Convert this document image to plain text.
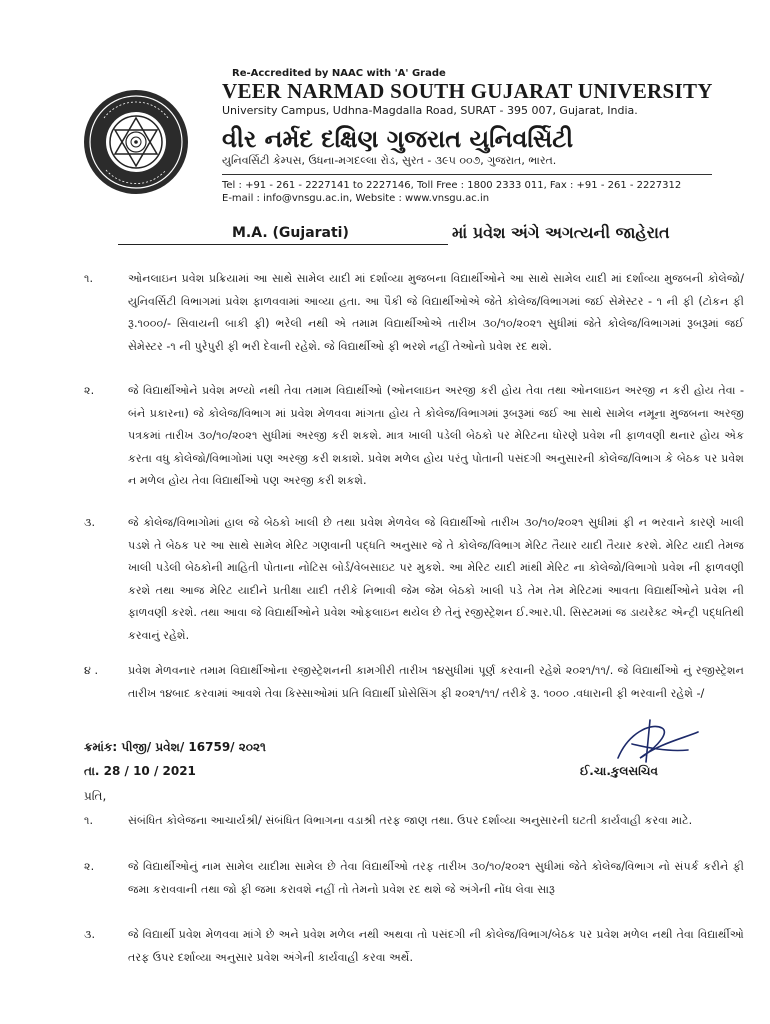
Re-Accredited by NAAC with 'A' Grade
VEER NARMAD SOUTH GUJARAT UNIVERSITY
University Campus, Udhna-Magdalla Road, SURAT - 395 007, Gujarat, India.
વીર નર્મદ દક્ષિણ ગુજરાત યુનિવર્સિટી
યુનિવર્સિટી કેમ્પસ, ઉધના-મગદલ્લા રોડ, સુરત - ૩૯૫ ૦૦૭, ગુજરાત, ભારત.
Tel : +91 - 261 - 2227141 to 2227146, Toll Free : 1800 2333 011, Fax : +91 - 261 - 2227312
E-mail : info@vnsgu.ac.in, Website : www.vnsgu.ac.in
M.A. (Gujarati)	માં પ્રવેશ અંગે અગત્યની જાહેરાત
૧.	ઓનલાઇન પ્રવેશ પ્રક્રિયામાં આ સાથે સામેલ યાદી માં દર્શાવ્યા મુજબના વિદ્યાર્થીઓને આ સાથે સામેલ યાદી માં દર્શાવ્યા મુજબની કોલેજો/યુનિવર્સિટી વિભાગમાં પ્રવેશ ફાળવવામાં આવ્યા હતા. આ પૈકી જે વિદ્યાર્થીઓએ જેતે કોલેજ/વિભાગમાં જઈ સેમેસ્ટર - ૧ ની ફી (ટોકન ફી રૂ.૧૦૦૦/- સિવાયની બાકી ફી) ભરેલી નથી એ તમામ વિદ્યાર્થીઓએ તારીખ ૩૦/૧૦/૨૦૨૧ સુધીમાં જેતે કોલેજ/વિભાગમાં રૂબરૂમાં જઈ સેમેસ્ટર -૧ ની પુરેપુરી ફી ભરી દેવાની રહેશે. જે વિદ્યાર્થીઓ ફી ભરશે નહીં તેઓનો પ્રવેશ રદ થશે.
૨.	જે વિદ્યાર્થીઓને પ્રવેશ મળ્યો નથી તેવા તમામ વિદ્યાર્થીઓ (ઓનલાઇન અરજી કરી હોય તેવા તથા ઓનલાઇન અરજી ન કરી હોય તેવા - બંને પ્રકારના) જે કોલેજ/વિભાગ માં પ્રવેશ મેળવવા માંગતા હોય તે કોલેજ/વિભાગમાં રૂબરૂમાં જઈ આ સાથે સામેલ નમૂના મુજબના અરજી પત્રકમાં તારીખ ૩૦/૧૦/૨૦૨૧ સુધીમાં અરજી કરી શકશે. માત્ર ખાલી પડેલી બેઠકો પર મેરિટના ધોરણે પ્રવેશ ની ફાળવણી થનાર હોય એક કરતા વધુ કોલેજો/વિભાગોમાં પણ અરજી કરી શકાશે. પ્રવેશ મળેલ હોય પરંતુ પોતાની પસંદગી અનુસારની કોલેજ/વિભાગ કે બેઠક પર પ્રવેશ ન મળેલ હોય તેવા વિદ્યાર્થીઓ પણ અરજી કરી શકશે.
૩.	જે કોલેજ/વિભાગોમાં હાલ જે બેઠકો ખાલી છે તથા પ્રવેશ મેળવેલ જે વિદ્યાર્થીઓ તારીખ ૩૦/૧૦/૨૦૨૧ સુધીમાં ફી ન ભરવાને કારણે ખાલી પડશે તે બેઠક પર આ સાથે સામેલ મેરિટ ગણવાની પદ્ધતિ અનુસાર જે તે કોલેજ/વિભાગ મેરિટ તૈયાર યાદી તૈયાર કરશે. મેરિટ યાદી તેમજ ખાલી પડેલી બેઠકોની માહિતી પોતાના નોટિસ બોર્ડ/વેબસાઇટ પર મુકશે. આ મેરિટ યાદી માંથી મેરિટ ના કોલેજો/વિભાગો પ્રવેશ ની ફાળવણી કરશે તથા આજ મેરિટ યાદીને પ્રતીક્ષા યાદી તરીકે નિભાવી જેમ જેમ બેઠકો ખાલી પડે તેમ તેમ મેરિટમાં આવતા વિદ્યાર્થીઓને પ્રવેશ ની ફાળવણી કરશે. તથા આવા જે વિદ્યાર્થીઓને પ્રવેશ ઓફલાઇન થયેલ છે તેનું રજીસ્ટ્રેશન ઈ.આર.પી. સિસ્ટમમાં જ ડાયરેક્ટ એન્ટ્રી પદ્ધતિથી કરવાનું રહેશે.
૪ .	પ્રવેશ મેળવનાર તમામ વિદ્યાર્થીઓના રજીસ્ટ્રેશનની કામગીરી તારીખ ૧૪સુધીમાં પૂર્ણ કરવાની રહેશે ૨૦૨૧/૧૧/. જે વિદ્યાર્થીઓ નું રજીસ્ટ્રેશન તારીખ ૧૪બાદ કરવામાં આવશે તેવા કિસ્સાઓમાં પ્રતિ વિદ્યાર્થી પ્રોસેસિંગ ફી ૨૦૨૧/૧૧/ તરીકે રૂ. ૧૦૦૦ .વધારાની ફી ભરવાની રહેશે -/
ક્રમાંક: પીજી/ પ્રવેશ/ 16759/ ૨૦૨૧
તા. 28 / 10 / 2021	ઈ.ચા.કુલસચિવ
પ્રતિ,
૧.	સંબંધિત કોલેજના આચાર્યશ્રી/ સંબંધિત વિભાગના વડાશ્રી તરફ જાણ તથા. ઉપર દર્શાવ્યા અનુસારની ઘટતી કાર્યવાહી કરવા માટે.
૨.	જે વિદ્યાર્થીઓનું નામ સામેલ યાદીમા સામેલ છે તેવા વિદ્યાર્થીઓ તરફ તારીખ ૩૦/૧૦/૨૦૨૧ સુધીમાં જેતે કોલેજ/વિભાગ નો સંપર્ક કરીને ફી જમા કરાવવાની તથા જો ફી જમા કરાવશે નહીં તો તેમનો પ્રવેશ રદ થશે જે અંગેની નોંધ લેવા સારૂ
૩.	જે વિદ્યાર્થી પ્રવેશ મેળવવા માંગે છે અને પ્રવેશ મળેલ નથી અથવા તો પસંદગી ની કોલેજ/વિભાગ/બેઠક પર પ્રવેશ મળેલ નથી તેવા વિદ્યાર્થીઓ તરફ ઉપર દર્શાવ્યા અનુસાર પ્રવેશ અંગેની કાર્યવાહી કરવા અર્થે.
